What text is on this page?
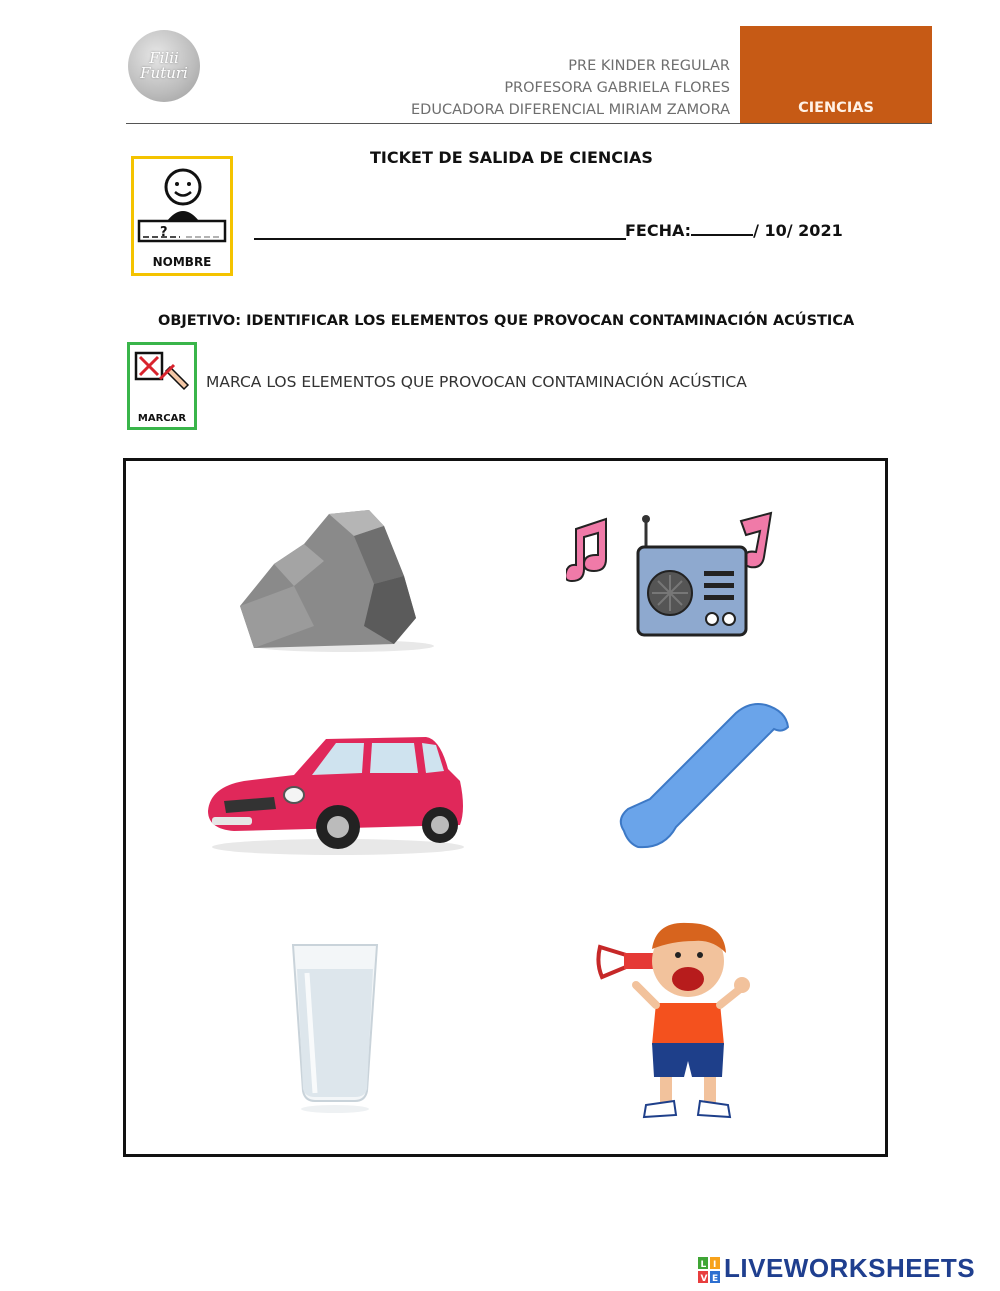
Filii
Futuri	PRE KINDER REGULAR
PROFESORA GABRIELA FLORES
EDUCADORA DIFERENCIAL MIRIAM ZAMORA	CIENCIAS
TICKET DE SALIDA DE CIENCIAS
?
NOMBRE
FECHA:	/ 10/ 2021
OBJETIVO: IDENTIFICAR LOS ELEMENTOS QUE PROVOCAN CONTAMINACIÓN ACÚSTICA
MARCAR
MARCA LOS ELEMENTOS QUE PROVOCAN CONTAMINACIÓN ACÚSTICA
L I
V E LIVEWORKSHEETS
